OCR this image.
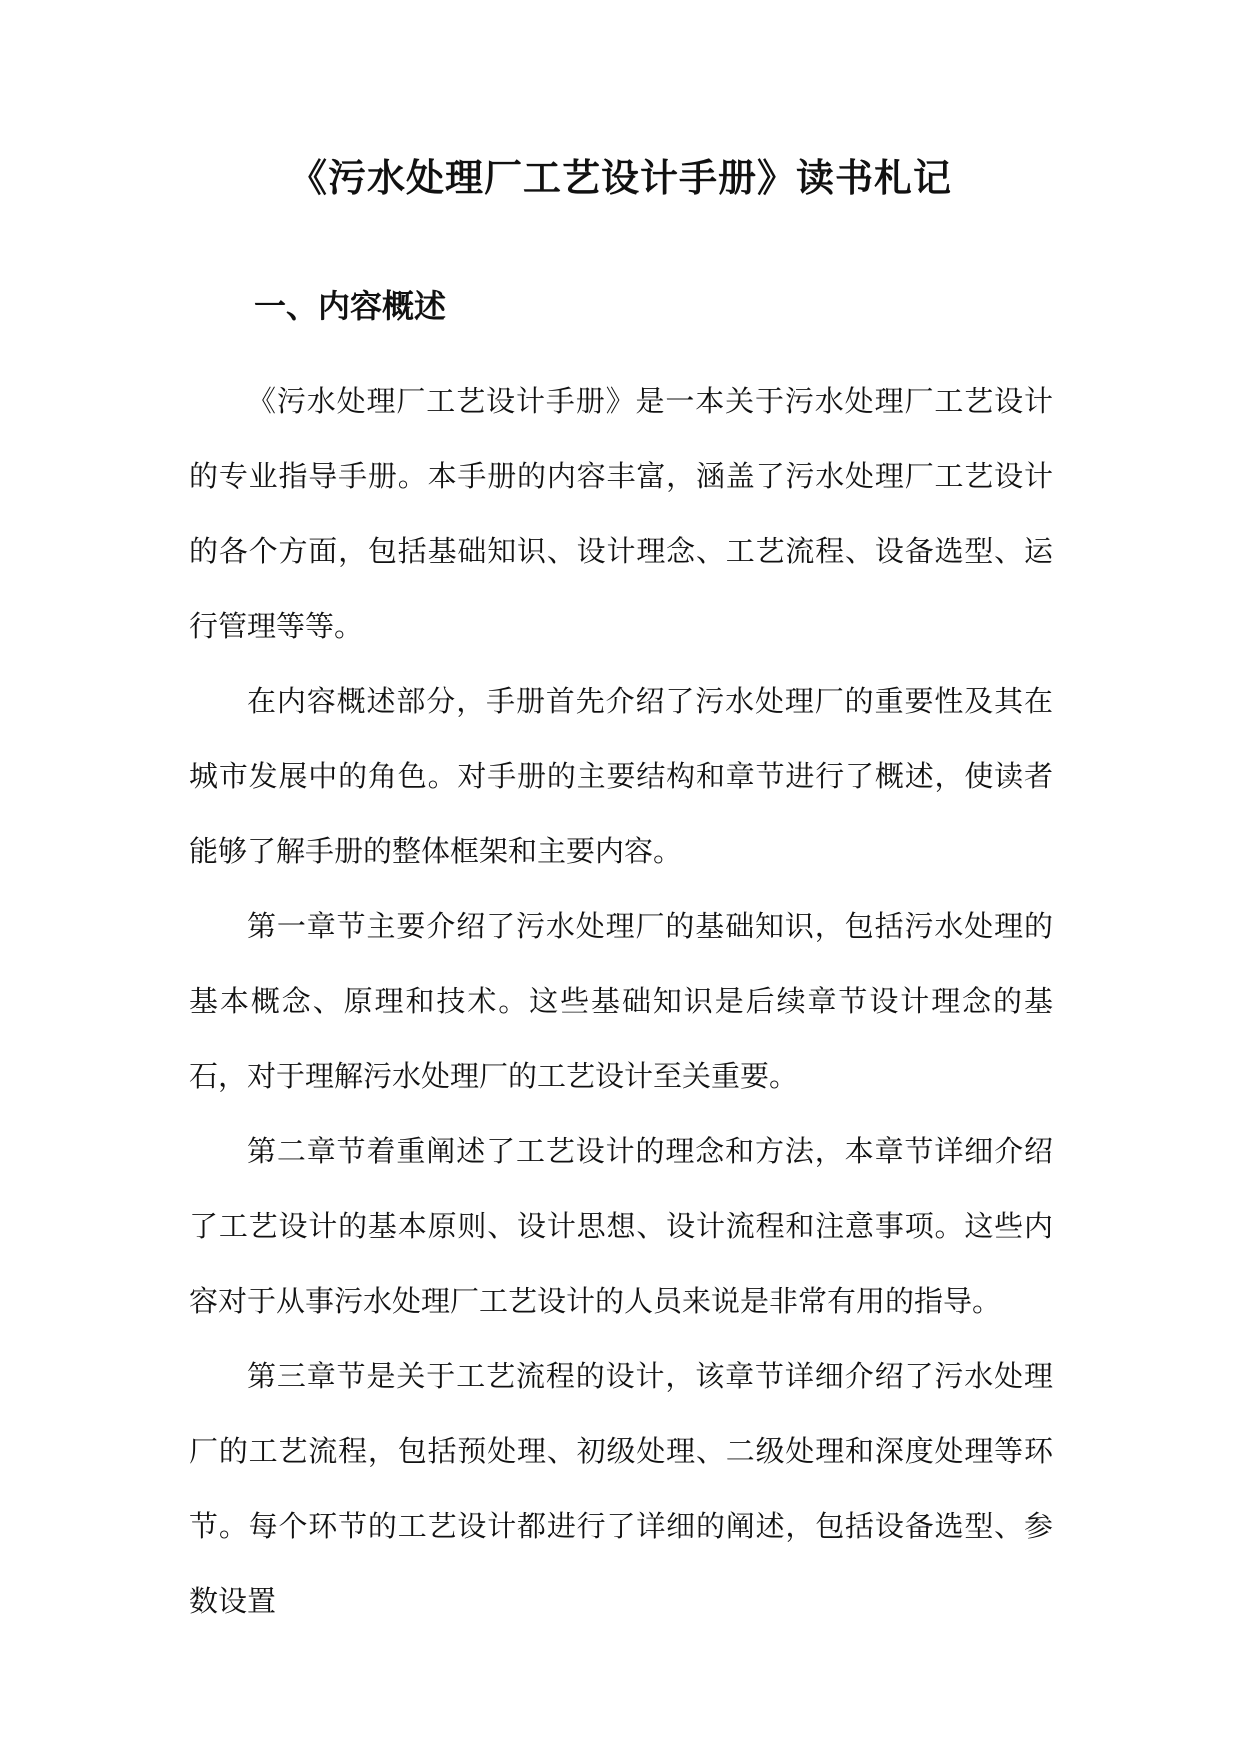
《污水处理厂工艺设计手册》读书札记
一、内容概述

《污水处理厂工艺设计手册》是一本关于污水处理厂工艺设计的专业指导手册。本手册的内容丰富，涵盖了污水处理厂工艺设计的各个方面，包括基础知识、设计理念、工艺流程、设备选型、运行管理等等。

在内容概述部分，手册首先介绍了污水处理厂的重要性及其在城市发展中的角色。对手册的主要结构和章节进行了概述，使读者能够了解手册的整体框架和主要内容。

第一章节主要介绍了污水处理厂的基础知识，包括污水处理的基本概念、原理和技术。这些基础知识是后续章节设计理念的基石，对于理解污水处理厂的工艺设计至关重要。

第二章节着重阐述了工艺设计的理念和方法，本章节详细介绍了工艺设计的基本原则、设计思想、设计流程和注意事项。这些内容对于从事污水处理厂工艺设计的人员来说是非常有用的指导。

第三章节是关于工艺流程的设计，该章节详细介绍了污水处理厂的工艺流程，包括预处理、初级处理、二级处理和深度处理等环节。每个环节的工艺设计都进行了详细的阐述，包括设备选型、参数设置
